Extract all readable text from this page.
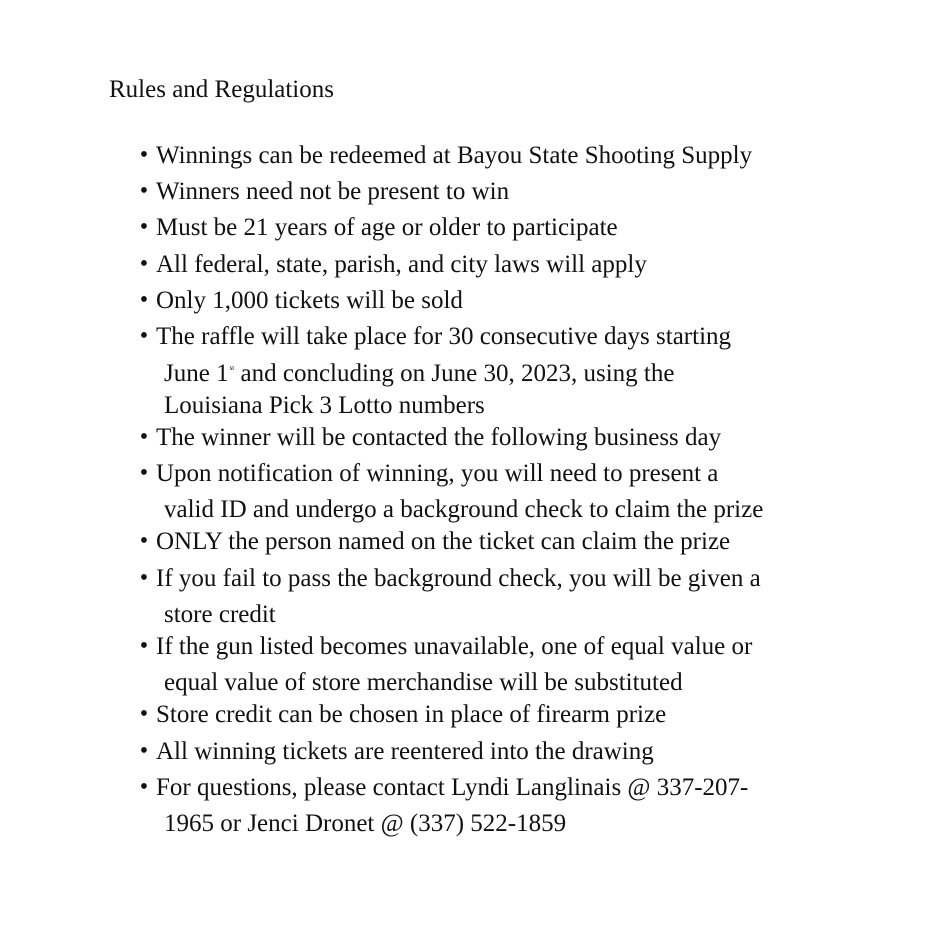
Rules and Regulations
• Winnings can be redeemed at Bayou State Shooting Supply
• Winners need not be present to win
• Must be 21 years of age or older to participate
• All federal, state, parish, and city laws will apply
• Only 1,000 tickets will be sold
• The raffle will take place for 30 consecutive days starting
June 1st and concluding on June 30, 2023, using the
Louisiana Pick 3 Lotto numbers
• The winner will be contacted the following business day
• Upon notification of winning, you will need to present a
valid ID and undergo a background check to claim the prize
• ONLY the person named on the ticket can claim the prize
• If you fail to pass the background check, you will be given a
store credit
• If the gun listed becomes unavailable, one of equal value or
equal value of store merchandise will be substituted
• Store credit can be chosen in place of firearm prize
• All winning tickets are reentered into the drawing
• For questions, please contact Lyndi Langlinais @ 337-207-
1965 or Jenci Dronet @ (337) 522-1859
